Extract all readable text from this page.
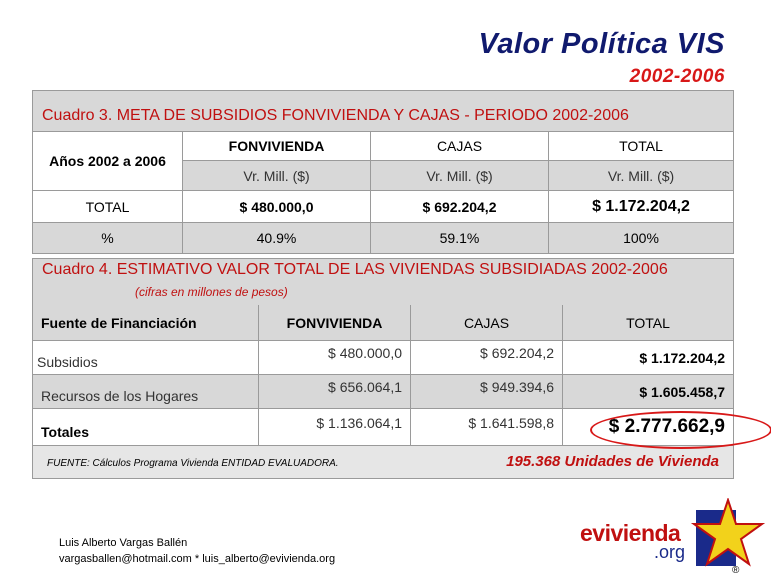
Valor Política VIS
2002-2006
Cuadro 3. META DE SUBSIDIOS FONVIVIENDA Y CAJAS - PERIODO 2002-2006
Años 2002 a 2006
FONVIVIENDA	CAJAS	TOTAL
Vr. Mill. ($)	Vr. Mill. ($)	Vr. Mill. ($)
TOTAL	$ 480.000,0	$ 692.204,2	$ 1.172.204,2
%	40.9%	59.1%	100%
Cuadro 4. ESTIMATIVO VALOR TOTAL DE LAS VIVIENDAS SUBSIDIADAS 2002-2006
(cifras en millones de pesos)
Fuente de Financiación	FONVIVIENDA	CAJAS	TOTAL
Subsidios
$ 480.000,0	$ 692.204,2	$ 1.172.204,2
Recursos de los Hogares
$ 656.064,1	$ 949.394,6	$ 1.605.458,7
Totales
$ 1.136.064,1	$ 1.641.598,8	$ 2.777.662,9
FUENTE: Cálculos Programa Vivienda ENTIDAD EVALUADORA.	195.368 Unidades de Vivienda
Luis Alberto Vargas Ballén
vargasballen@hotmail.com * luis_alberto@evivienda.org
evivienda
.org
®
